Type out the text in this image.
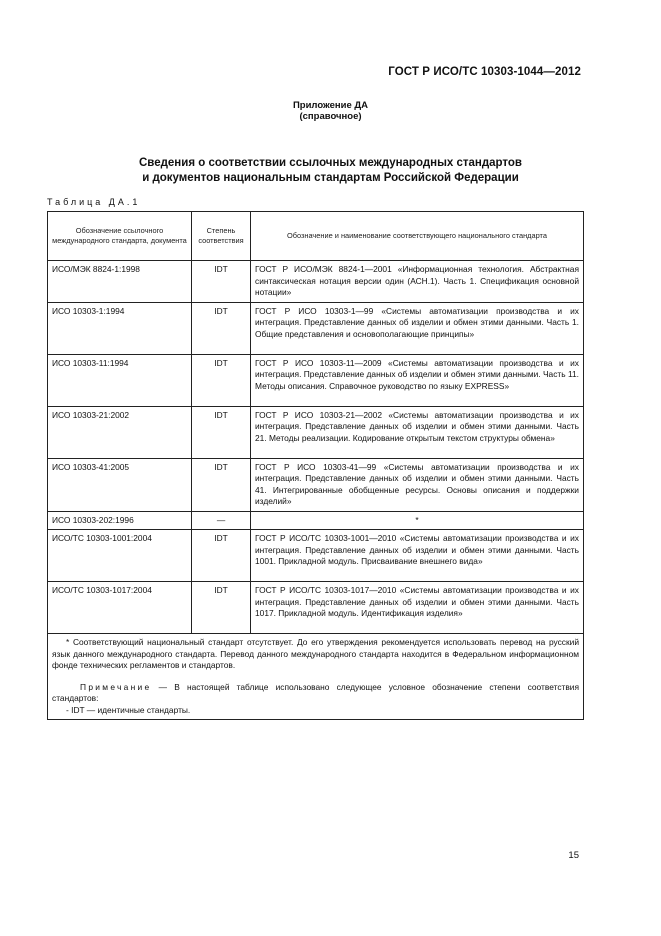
ГОСТ Р ИСО/ТС 10303-1044—2012
Приложение ДА
(справочное)
Сведения о соответствии ссылочных международных стандартов
и документов национальным стандартам Российской Федерации
Таблица ДА.1
Обозначение ссылочного международного стандарта, документа	Степень соответствия	Обозначение и наименование соответствующего национального стандарта
ИСО/МЭК 8824-1:1998	IDT	ГОСТ Р ИСО/МЭК 8824-1—2001 «Информационная технология. Абстрактная синтаксическая нотация версии один (АСН.1). Часть 1. Спецификация основной нотации»
ИСО 10303-1:1994	IDT	ГОСТ Р ИСО 10303-1—99 «Системы автоматизации производства и их интеграция. Представление данных об изделии и обмен этими данными. Часть 1. Общие представления и основополагающие принципы»
ИСО 10303-11:1994	IDT	ГОСТ Р ИСО 10303-11—2009 «Системы автоматизации производства и их интеграция. Представление данных об изделии и обмен этими данными. Часть 11. Методы описания. Справочное руководство по языку EXPRESS»
ИСО 10303-21:2002	IDT	ГОСТ Р ИСО 10303-21—2002 «Системы автоматизации производства и их интеграция. Представление данных об изделии и обмен этими данными. Часть 21. Методы реализации. Кодирование открытым текстом структуры обмена»
ИСО 10303-41:2005	IDT	ГОСТ Р ИСО 10303-41—99 «Системы автоматизации производства и их интеграция. Представление данных об изделии и обмен этими данными. Часть 41. Интегрированные обобщенные ресурсы. Основы описания и поддержки изделий»
ИСО 10303-202:1996	—	*
ИСО/ТС 10303-1001:2004	IDT	ГОСТ Р ИСО/ТС 10303-1001—2010 «Системы автоматизации производства и их интеграция. Представление данных об изделии и обмен этими данными. Часть 1001. Прикладной модуль. Присваивание внешнего вида»
ИСО/ТС 10303-1017:2004	IDT	ГОСТ Р ИСО/ТС 10303-1017—2010 «Системы автоматизации производства и их интеграция. Представление данных об изделии и обмен этими данными. Часть 1017. Прикладной модуль. Идентификация изделия»

* Соответствующий национальный стандарт отсутствует. До его утверждения рекомендуется использовать перевод на русский язык данного международного стандарта. Перевод данного международного стандарта находится в Федеральном информационном фонде технических регламентов и стандартов.

Примечание — В настоящей таблице использовано следующее условное обозначение степени соответствия стандартов:

- IDT — идентичные стандарты.		

15
